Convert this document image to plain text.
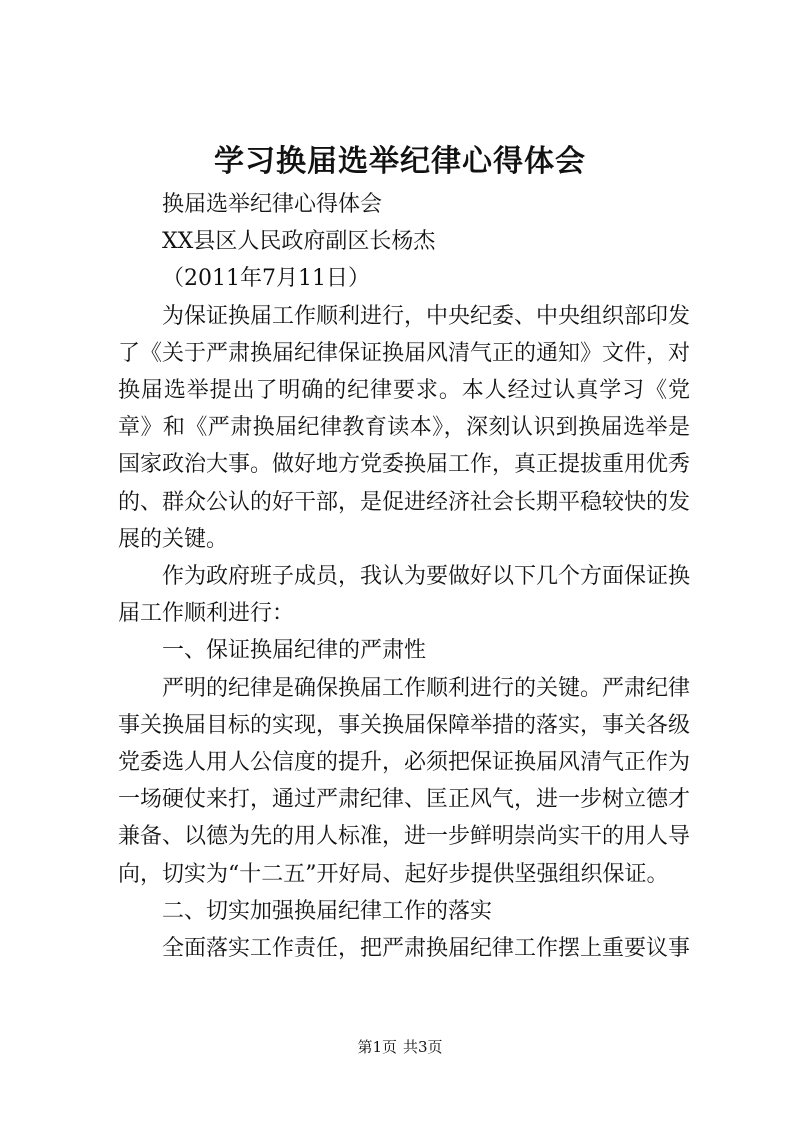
学习换届选举纪律心得体会

换届选举纪律心得体会

XX县区人民政府副区长杨杰

（2011年7月11日）

为保证换届工作顺利进行，中央纪委、中央组织部印发了《关于严肃换届纪律保证换届风清气正的通知》文件，对换届选举提出了明确的纪律要求。本人经过认真学习《党章》和《严肃换届纪律教育读本》，深刻认识到换届选举是国家政治大事。做好地方党委换届工作，真正提拔重用优秀的、群众公认的好干部，是促进经济社会长期平稳较快的发展的关键。

作为政府班子成员，我认为要做好以下几个方面保证换届工作顺利进行：

一、保证换届纪律的严肃性

严明的纪律是确保换届工作顺利进行的关键。严肃纪律事关换届目标的实现，事关换届保障举措的落实，事关各级党委选人用人公信度的提升，必须把保证换届风清气正作为一场硬仗来打，通过严肃纪律、匡正风气，进一步树立德才兼备、以德为先的用人标准，进一步鲜明崇尚实干的用人导向，切实为“十二五”开好局、起好步提供坚强组织保证。

二、切实加强换届纪律工作的落实

全面落实工作责任，把严肃换届纪律工作摆上重要议事

第1页 共3页
